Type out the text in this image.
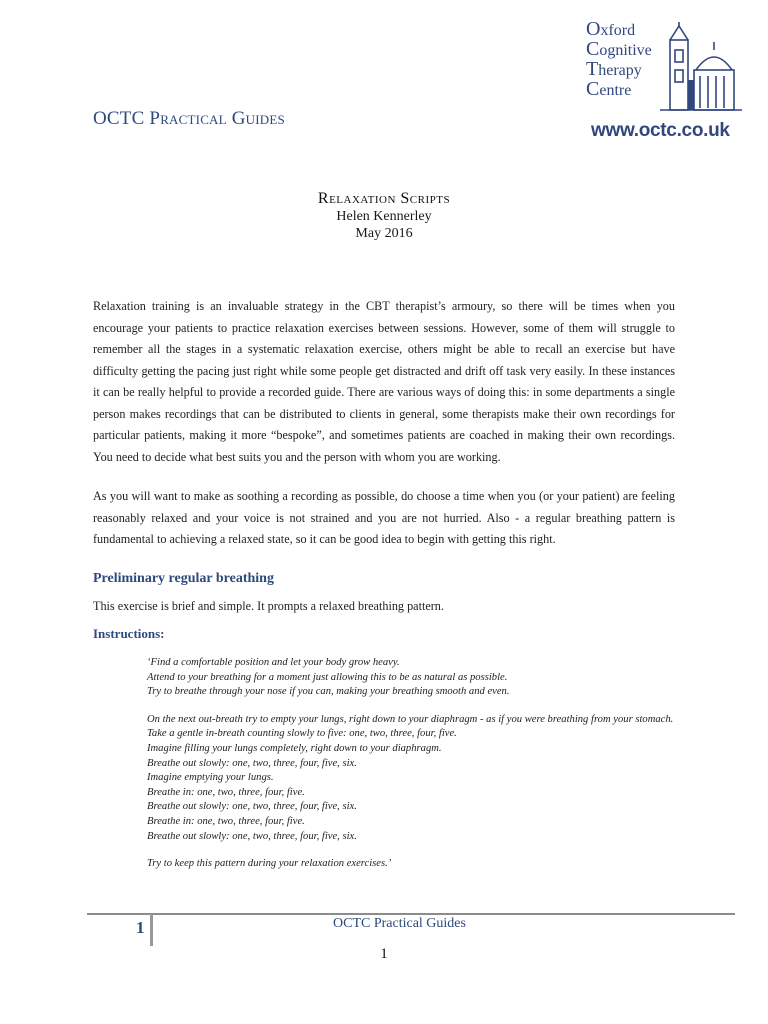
OCTC Practical Guides
Oxford
Cognitive
Therapy
Centre
www.octc.co.uk
Relaxation Scripts
Helen Kennerley
May 2016
Relaxation training is an invaluable strategy in the CBT therapist’s armoury, so there will be times when you encourage your patients to practice relaxation exercises between sessions. However, some of them will struggle to remember all the stages in a systematic relaxation exercise, others might be able to recall an exercise but have difficulty getting the pacing just right while some people get distracted and drift off task very easily. In these instances it can be really helpful to provide a recorded guide. There are various ways of doing this: in some departments a single person makes recordings that can be distributed to clients in general, some therapists make their own recordings for particular patients, making it more “bespoke”, and sometimes patients are coached in making their own recordings. You need to decide what best suits you and the person with whom you are working.
As you will want to make as soothing a recording as possible, do choose a time when you (or your patient) are feeling reasonably relaxed and your voice is not strained and you are not hurried. Also - a regular breathing pattern is fundamental to achieving a relaxed state, so it can be good idea to begin with getting this right.
Preliminary regular breathing
This exercise is brief and simple. It prompts a relaxed breathing pattern.
Instructions:
‘Find a comfortable position and let your body grow heavy.
Attend to your breathing for a moment just allowing this to be as natural as possible.
Try to breathe through your nose if you can, making your breathing smooth and even.
On the next out-breath try to empty your lungs, right down to your diaphragm - as if you were breathing from your stomach.
Take a gentle in-breath counting slowly to five: one, two, three, four, five.
Imagine filling your lungs completely, right down to your diaphragm.
Breathe out slowly: one, two, three, four, five, six.
Imagine emptying your lungs.
Breathe in: one, two, three, four, five.
Breathe out slowly: one, two, three, four, five, six.
Breathe in: one, two, three, four, five.
Breathe out slowly: one, two, three, four, five, six.
Try to keep this pattern during your relaxation exercises.’
1	OCTC Practical Guides
1
